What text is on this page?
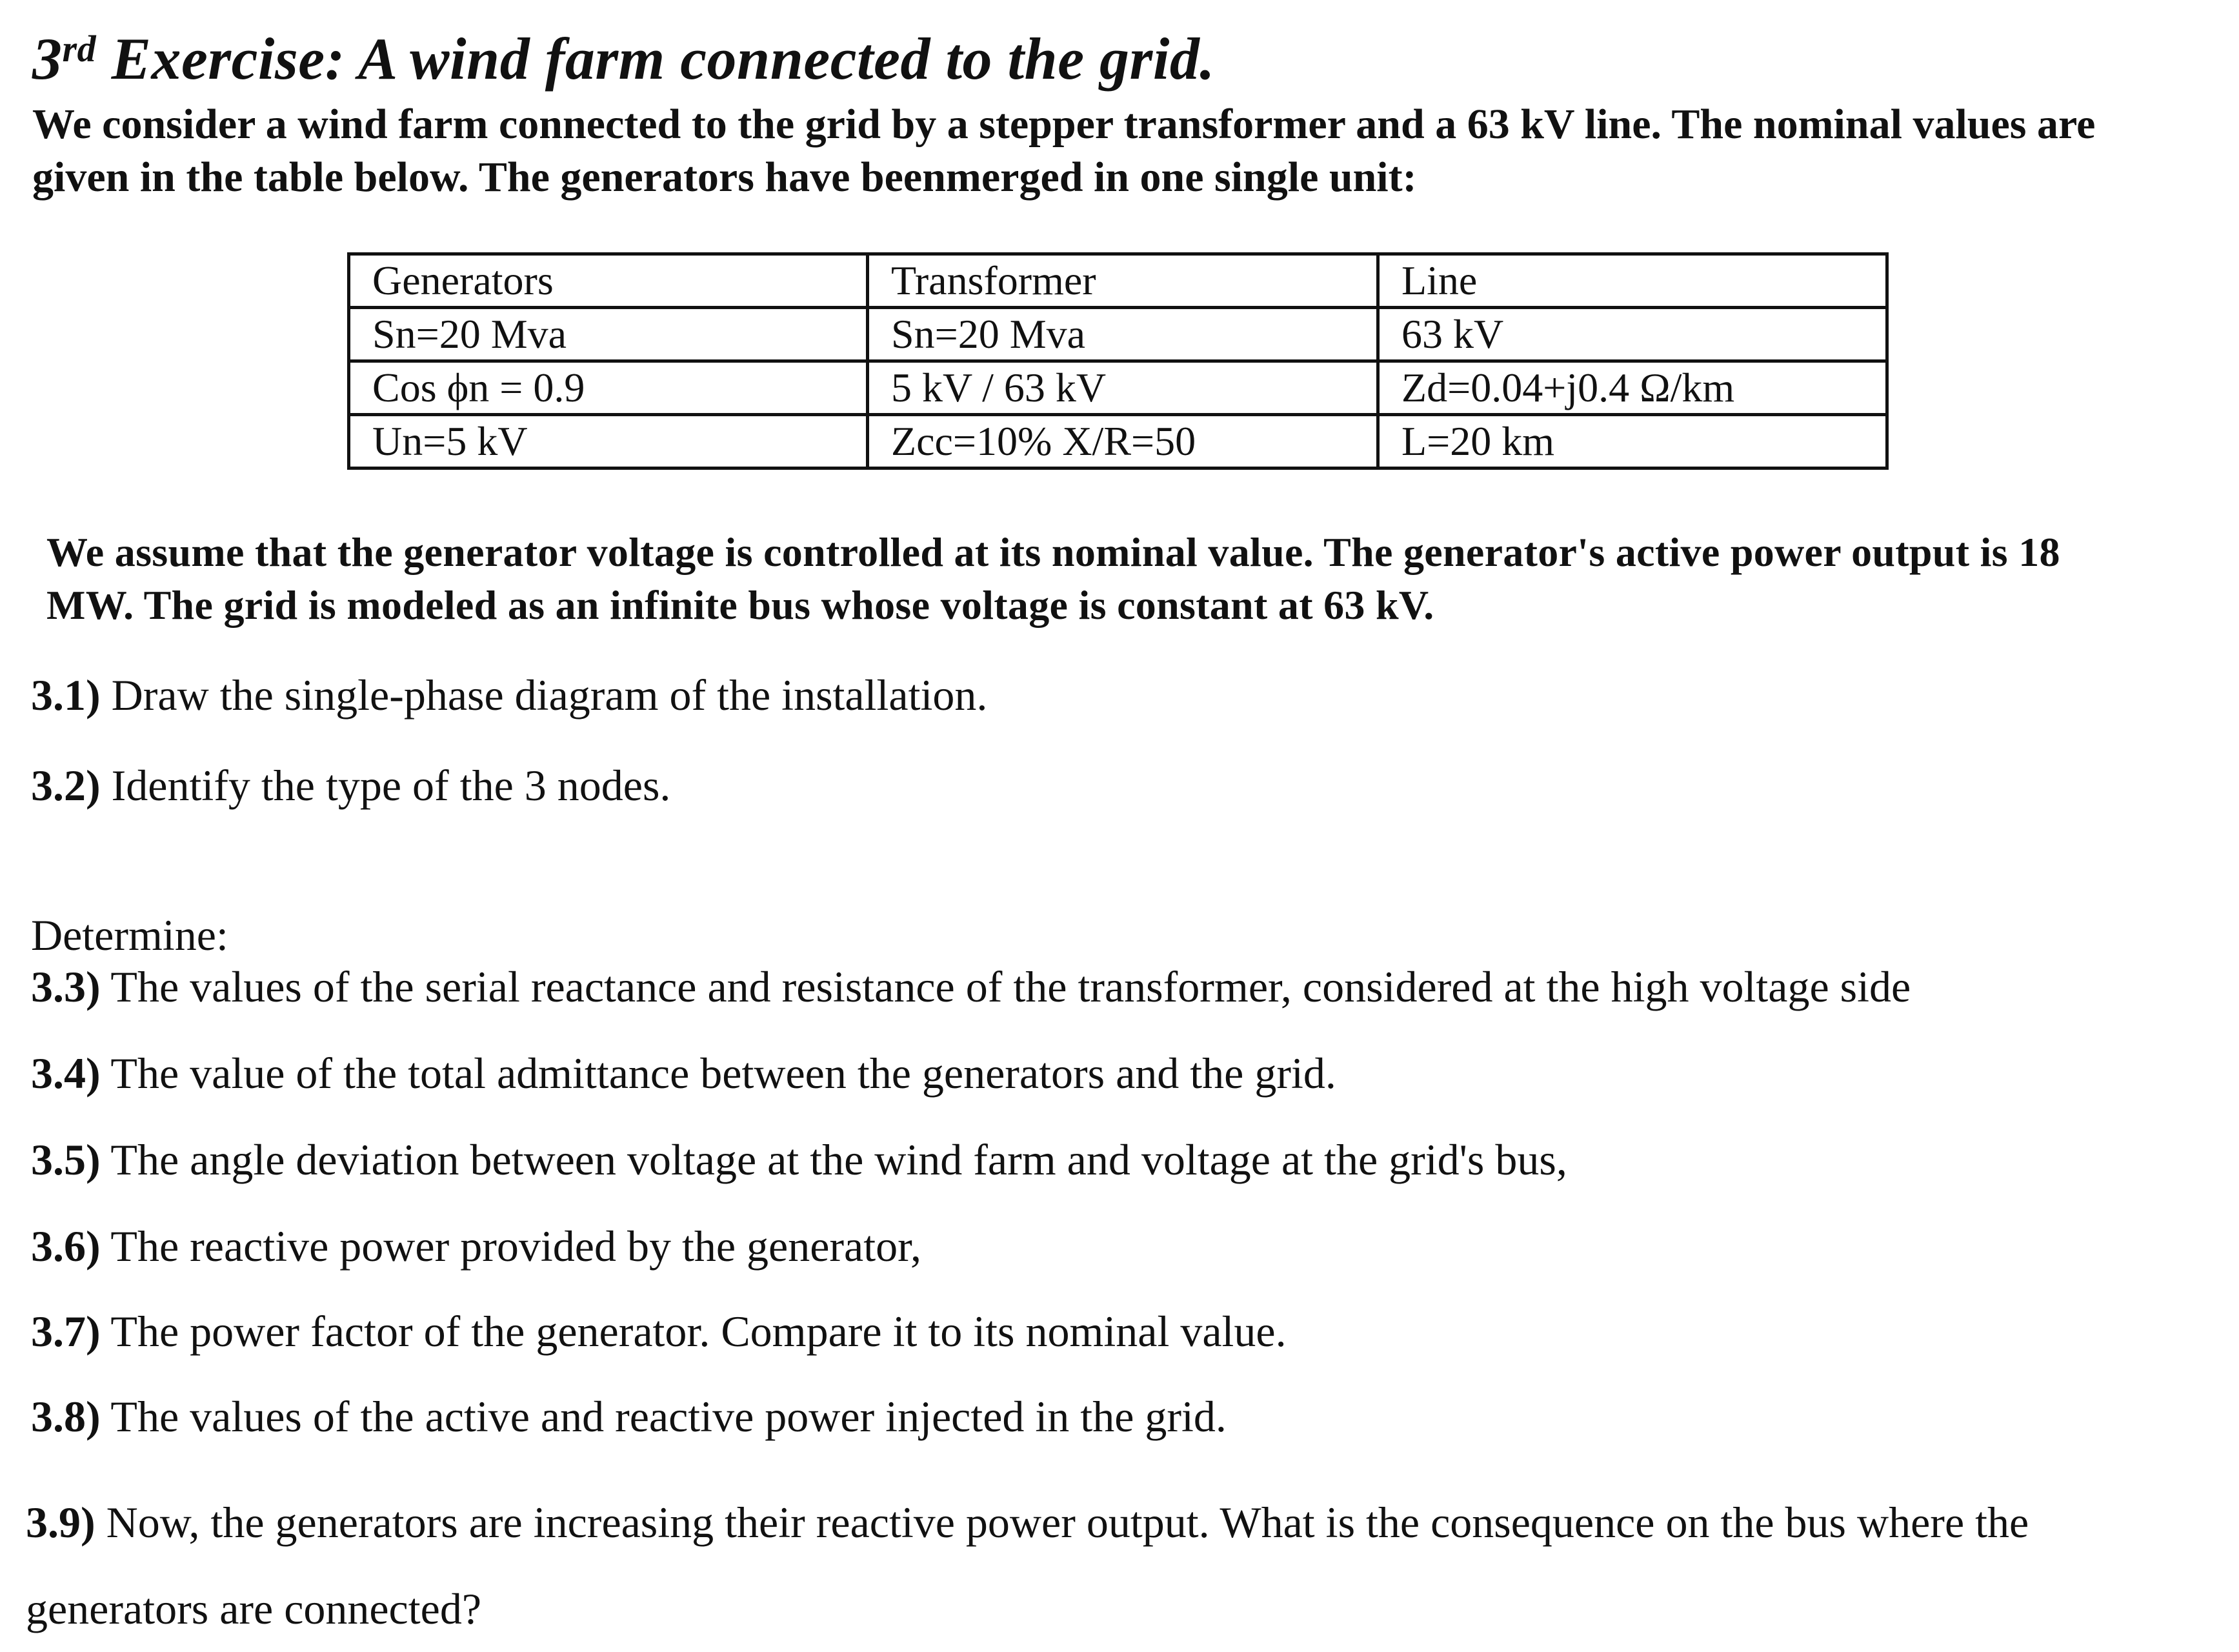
3rd Exercise: A wind farm connected to the grid.
We consider a wind farm connected to the grid by a stepper transformer and a 63 kV line. The nominal values are given in the table below. The generators have beenmerged in one single unit:
Generators	Transformer	Line
Sn=20 Mva	Sn=20 Mva	63 kV
Cos ϕn = 0.9	5 kV / 63 kV	Zd=0.04+j0.4 Ω/km
Un=5 kV	Zcc=10% X/R=50	L=20 km
We assume that the generator voltage is controlled at its nominal value. The generator's active power output is 18 MW. The grid is modeled as an infinite bus whose voltage is constant at 63 kV.
3.1) Draw the single-phase diagram of the installation.
3.2) Identify the type of the 3 nodes.
Determine:
3.3) The values of the serial reactance and resistance of the transformer, considered at the high voltage side
3.4) The value of the total admittance between the generators and the grid.
3.5) The angle deviation between voltage at the wind farm and voltage at the grid's bus,
3.6) The reactive power provided by the generator,
3.7) The power factor of the generator. Compare it to its nominal value.
3.8) The values of the active and reactive power injected in the grid.
3.9) Now, the generators are increasing their reactive power output. What is the consequence on the bus where the generators are connected?
